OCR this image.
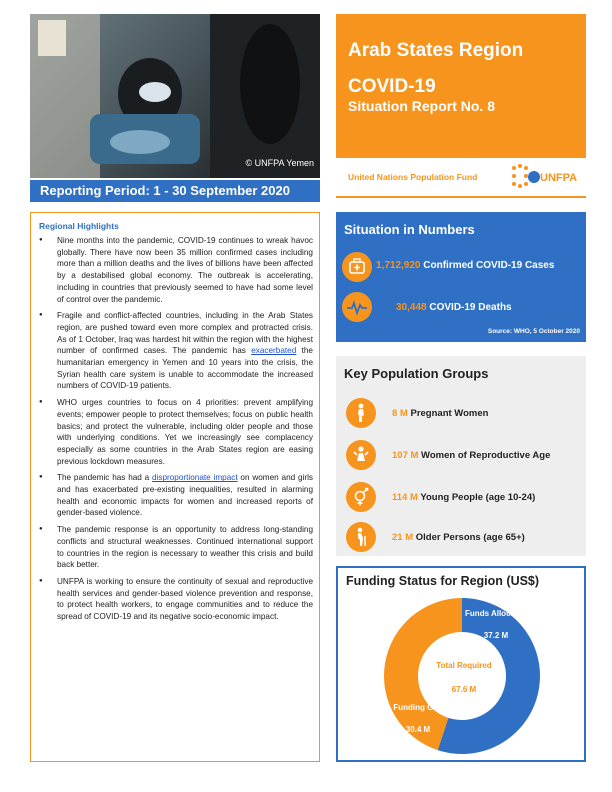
© UNFPA Yemen
Reporting Period: 1 - 30 September 2020
Arab States Region
COVID-19
Situation Report No. 8
United Nations Population Fund	UNFPA
Regional Highlights
● Nine months into the pandemic, COVID-19 continues to wreak havoc globally. There have now been 35 million confirmed cases including more than a million deaths and the lives of billions have been affected by a destabilised global economy. The outbreak is accelerating, including in countries that previously seemed to have had some level of control over the pandemic.
● Fragile and conflict-affected countries, including in the Arab States region, are pushed toward even more complex and protracted crisis. As of 1 October, Iraq was hardest hit within the region with the highest number of confirmed cases. The pandemic has exacerbated the humanitarian emergency in Yemen and 10 years into the crisis, the Syrian health care system is unable to accommodate the increased numbers of COVID-19 patients.
● WHO urges countries to focus on 4 priorities: prevent amplifying events; empower people to protect themselves; focus on public health basics; and protect the vulnerable, including older people and those with underlying conditions. Yet we increasingly see complacency especially as some countries in the Arab States region are easing previous lockdown measures.
● The pandemic has had a disproportionate impact on women and girls and has exacerbated pre-existing inequalities, resulted in alarming health and economic impacts for women and increased reports of gender-based violence.
● The pandemic response is an opportunity to address long-standing conflicts and structural weaknesses. Continued international support to countries in the region is necessary to weather this crisis and build back better.
● UNFPA is working to ensure the continuity of sexual and reproductive health services and gender-based violence prevention and response, to protect health workers, to engage communities and to reduce the spread of COVID-19 and its negative socio-economic impact.
Situation in Numbers
1,712,920 Confirmed COVID-19 Cases
30,448 COVID-19 Deaths
Source: WHO, 5 October 2020
Key Population Groups
8 M Pregnant Women
107 M Women of Reproductive Age
114 M Young People (age 10-24)
21 M Older Persons (age 65+)
Funding Status for Region (US$)
Funds Allocated
37.2 M
Funding Gap
30.4 M
Total Required
67.6 M
